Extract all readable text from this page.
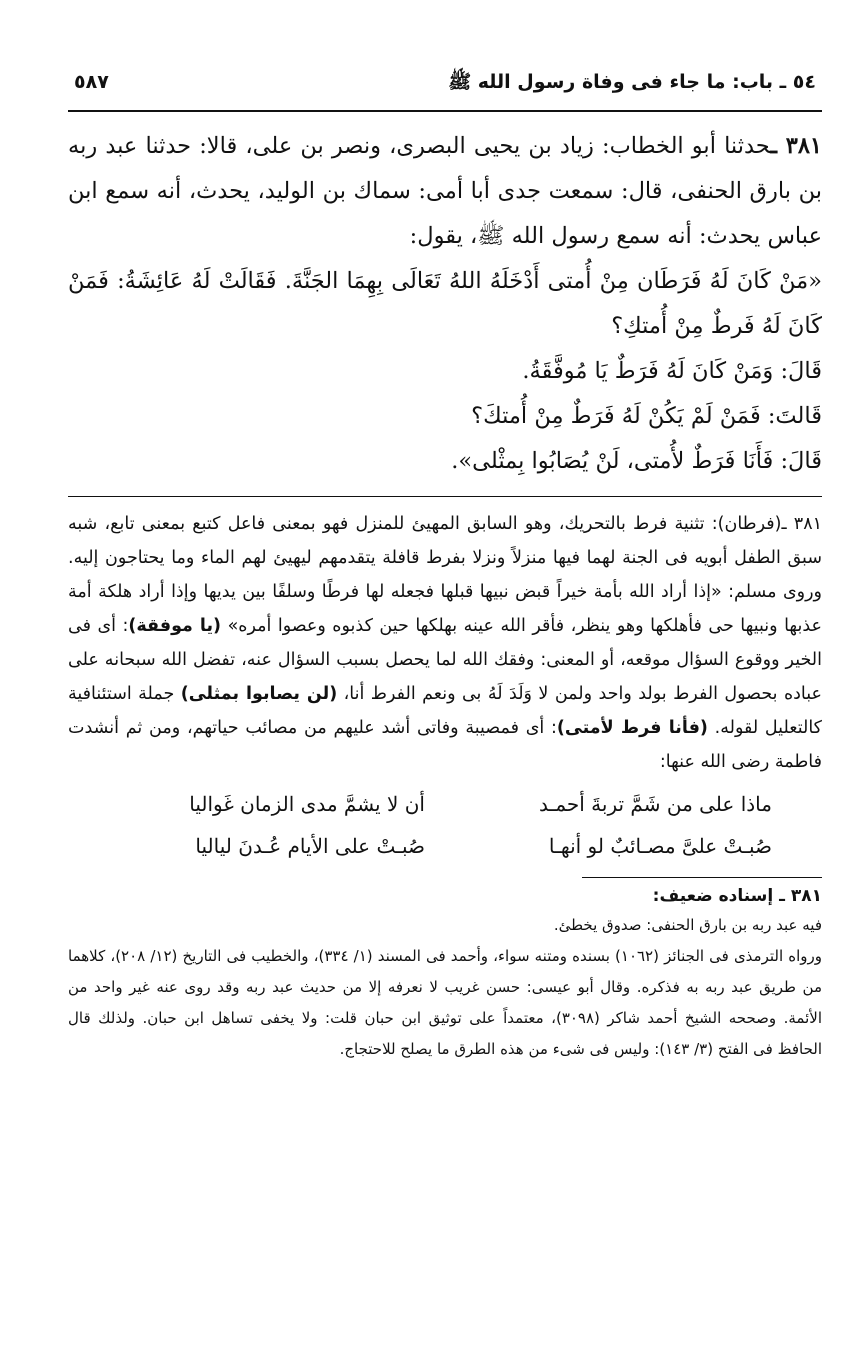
٥٤ ـ باب: ما جاء فى وفاة رسول الله ﷺ
٥٨٧

٣٨١ ـحدثنا أبو الخطاب: زياد بن يحيى البصرى، ونصر بن على، قالا: حدثنا عبد ربه بن بارق الحنفى، قال: سمعت جدى أبا أمى: سماك بن الوليد، يحدث، أنه سمع ابن عباس يحدث: أنه سمع رسول الله ﷺ، يقول:

«مَنْ كَانَ لَهُ فَرَطَان مِنْ أُمتى أَدْخَلَهُ اللهُ تَعَالَى بِهِمَا الجَنَّةَ. فَقَالَتْ لَهُ عَائِشَةُ: فَمَنْ كَانَ لَهُ فَرطٌ مِنْ أُمتكِ؟

قَالَ: وَمَنْ كَانَ لَهُ فَرَطٌ يَا مُوفَّقَةُ.

قَالتَ: فَمَنْ لَمْ يَكُنْ لَهُ فَرَطٌ مِنْ أُمتكَ؟

قَالَ: فَأَنَا فَرَطٌ لأُمتى، لَنْ يُصَابُوا بِمثْلى».

٣٨١ ـ(فرطان): تثنية فرط بالتحريك، وهو السابق المهيئ للمنزل فهو بمعنى فاعل كتبع بمعنى تابع، شبه سبق الطفل أبويه فى الجنة لهما فيها منزلاً ونزلا بفرط قافلة يتقدمهم ليهيئ لهم الماء وما يحتاجون إليه. وروى مسلم: «إذا أراد الله بأمة خيراً قبض نبيها قبلها فجعله لها فرطًا وسلفًا بين يديها وإذا أراد هلكة أمة عذبها ونبيها حى فأهلكها وهو ينظر، فأقر الله عينه بهلكها حين كذبوه وعصوا أمره» (يا موفقة): أى فى الخير ووقوع السؤال موقعه، أو المعنى: وفقك الله لما يحصل بسبب السؤال عنه، تفضل الله سبحانه على عباده بحصول الفرط بولد واحد ولمن لا وَلَدَ لَهُ بى ونعم الفرط أنا، (لن يصابوا بمثلى) جملة استئنافية كالتعليل لقوله. (فأنا فرط لأمتى): أى فمصيبة وفاتى أشد عليهم من مصائب حياتهم، ومن ثم أنشدت فاطمة رضى الله عنها:

ماذا على من شَمَّ تربةَ أحمـد
أن لا يشمَّ مدى الزمان غَواليا
صُبـتْ علىَّ مصـائبٌ لو أنهـا
صُبـتْ على الأيام عُـدنَ لياليا
٣٨١ ـ إسناده ضعيف:

فيه عبد ربه بن بارق الحنفى: صدوق يخطئ.

ورواه الترمذى فى الجنائز (١٠٦٢) بسنده ومتنه سواء، وأحمد فى المسند (١/ ٣٣٤)، والخطيب فى التاريخ (١٢/ ٢٠٨)، كلاهما من طريق عبد ربه به فذكره. وقال أبو عيسى: حسن غريب لا نعرفه إلا من حديث عبد ربه وقد روى عنه غير واحد من الأئمة. وصححه الشيخ أحمد شاكر (٣٠٩٨)، معتمداً على توثيق ابن حبان قلت: ولا يخفى تساهل ابن حبان. ولذلك قال الحافظ فى الفتح (٣/ ١٤٣): وليس فى شىء من هذه الطرق ما يصلح للاحتجاج.
